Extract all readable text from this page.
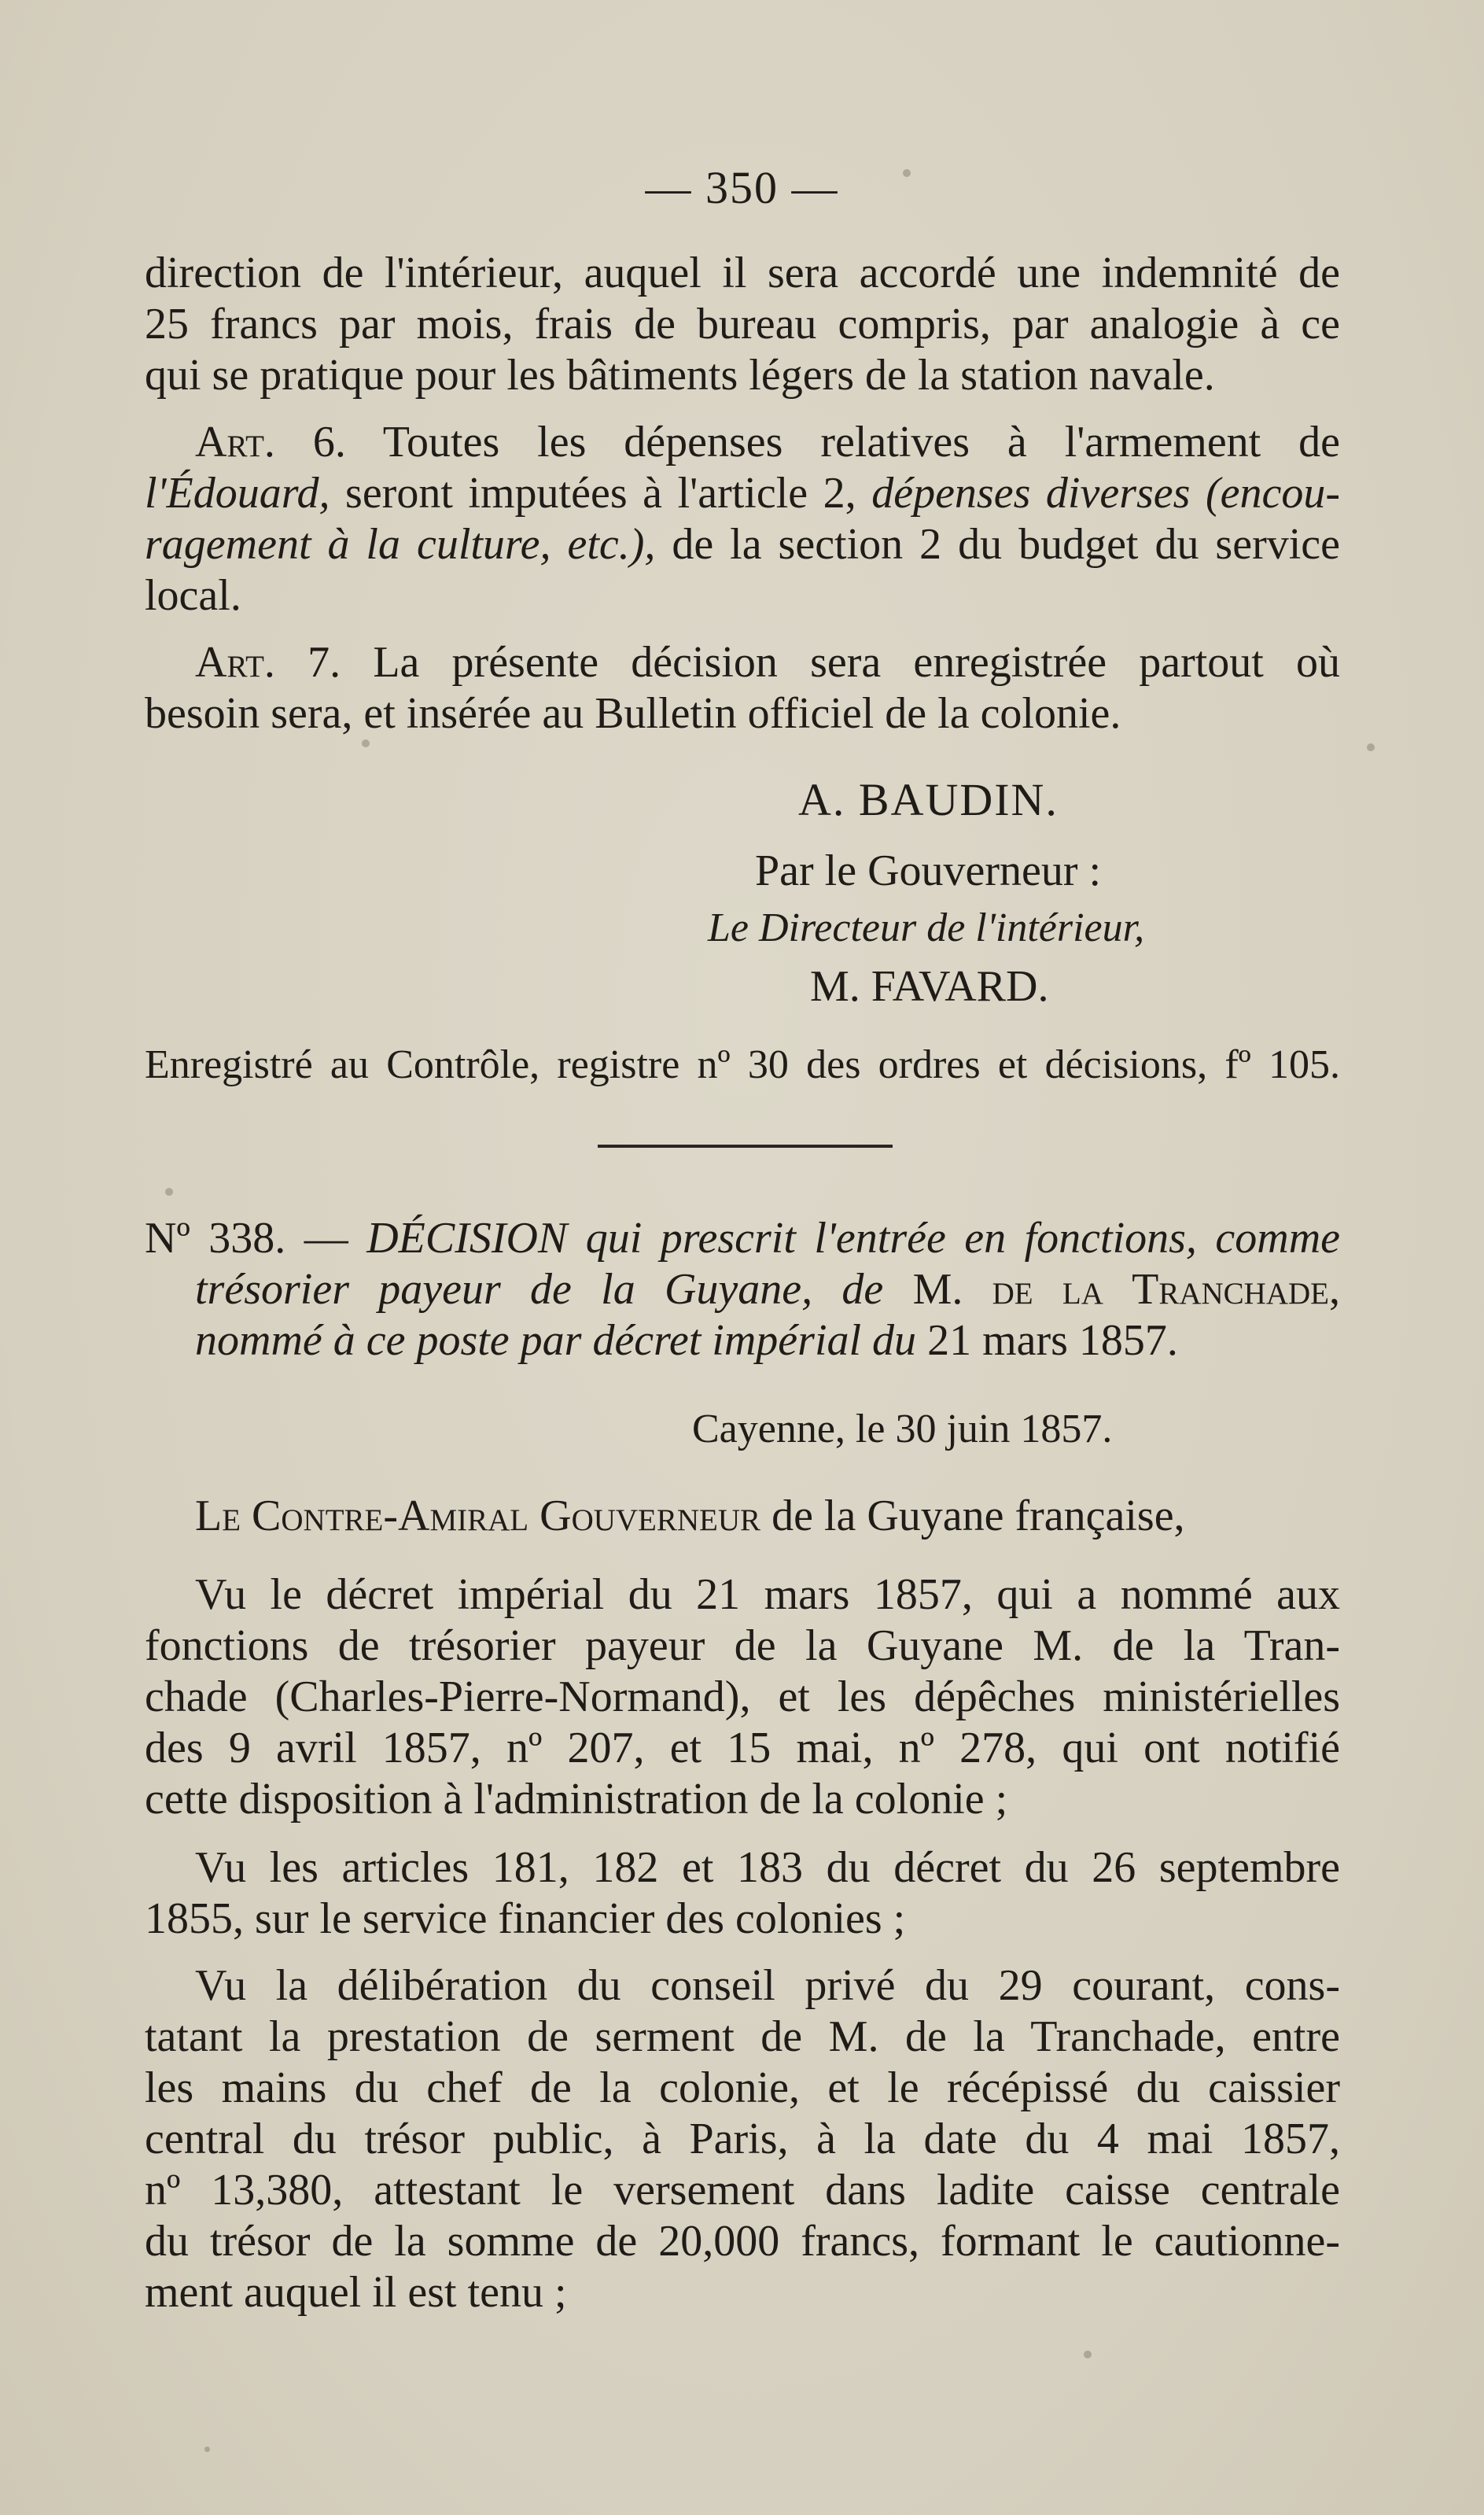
— 350 —
direction de l'intérieur, auquel il sera accordé une indemnité de
25 francs par mois, frais de bureau compris, par analogie à ce
qui se pratique pour les bâtiments légers de la station navale.
Art. 6. Toutes les dépenses relatives à l'armement de
l'Édouard, seront imputées à l'article 2, dépenses diverses (encou-
ragement à la culture, etc.), de la section 2 du budget du service
local.
Art. 7. La présente décision sera enregistrée partout où
besoin sera, et insérée au Bulletin officiel de la colonie.
A. BAUDIN.
Par le Gouverneur :
Le Directeur de l'intérieur,
M. FAVARD.
Enregistré au Contrôle, registre nº 30 des ordres et décisions, fº 105.
Nº 338. — DÉCISION qui prescrit l'entrée en fonctions, comme
trésorier payeur de la Guyane, de M. de la Tranchade,
nommé à ce poste par décret impérial du 21 mars 1857.
Cayenne, le 30 juin 1857.
Le Contre-Amiral Gouverneur de la Guyane française,
Vu le décret impérial du 21 mars 1857, qui a nommé aux
fonctions de trésorier payeur de la Guyane M. de la Tran-
chade (Charles-Pierre-Normand), et les dépêches ministérielles
des 9 avril 1857, nº 207, et 15 mai, nº 278, qui ont notifié
cette disposition à l'administration de la colonie ;
Vu les articles 181, 182 et 183 du décret du 26 septembre
1855, sur le service financier des colonies ;
Vu la délibération du conseil privé du 29 courant, cons-
tatant la prestation de serment de M. de la Tranchade, entre
les mains du chef de la colonie, et le récépissé du caissier
central du trésor public, à Paris, à la date du 4 mai 1857,
nº 13,380, attestant le versement dans ladite caisse centrale
du trésor de la somme de 20,000 francs, formant le cautionne-
ment auquel il est tenu ;
